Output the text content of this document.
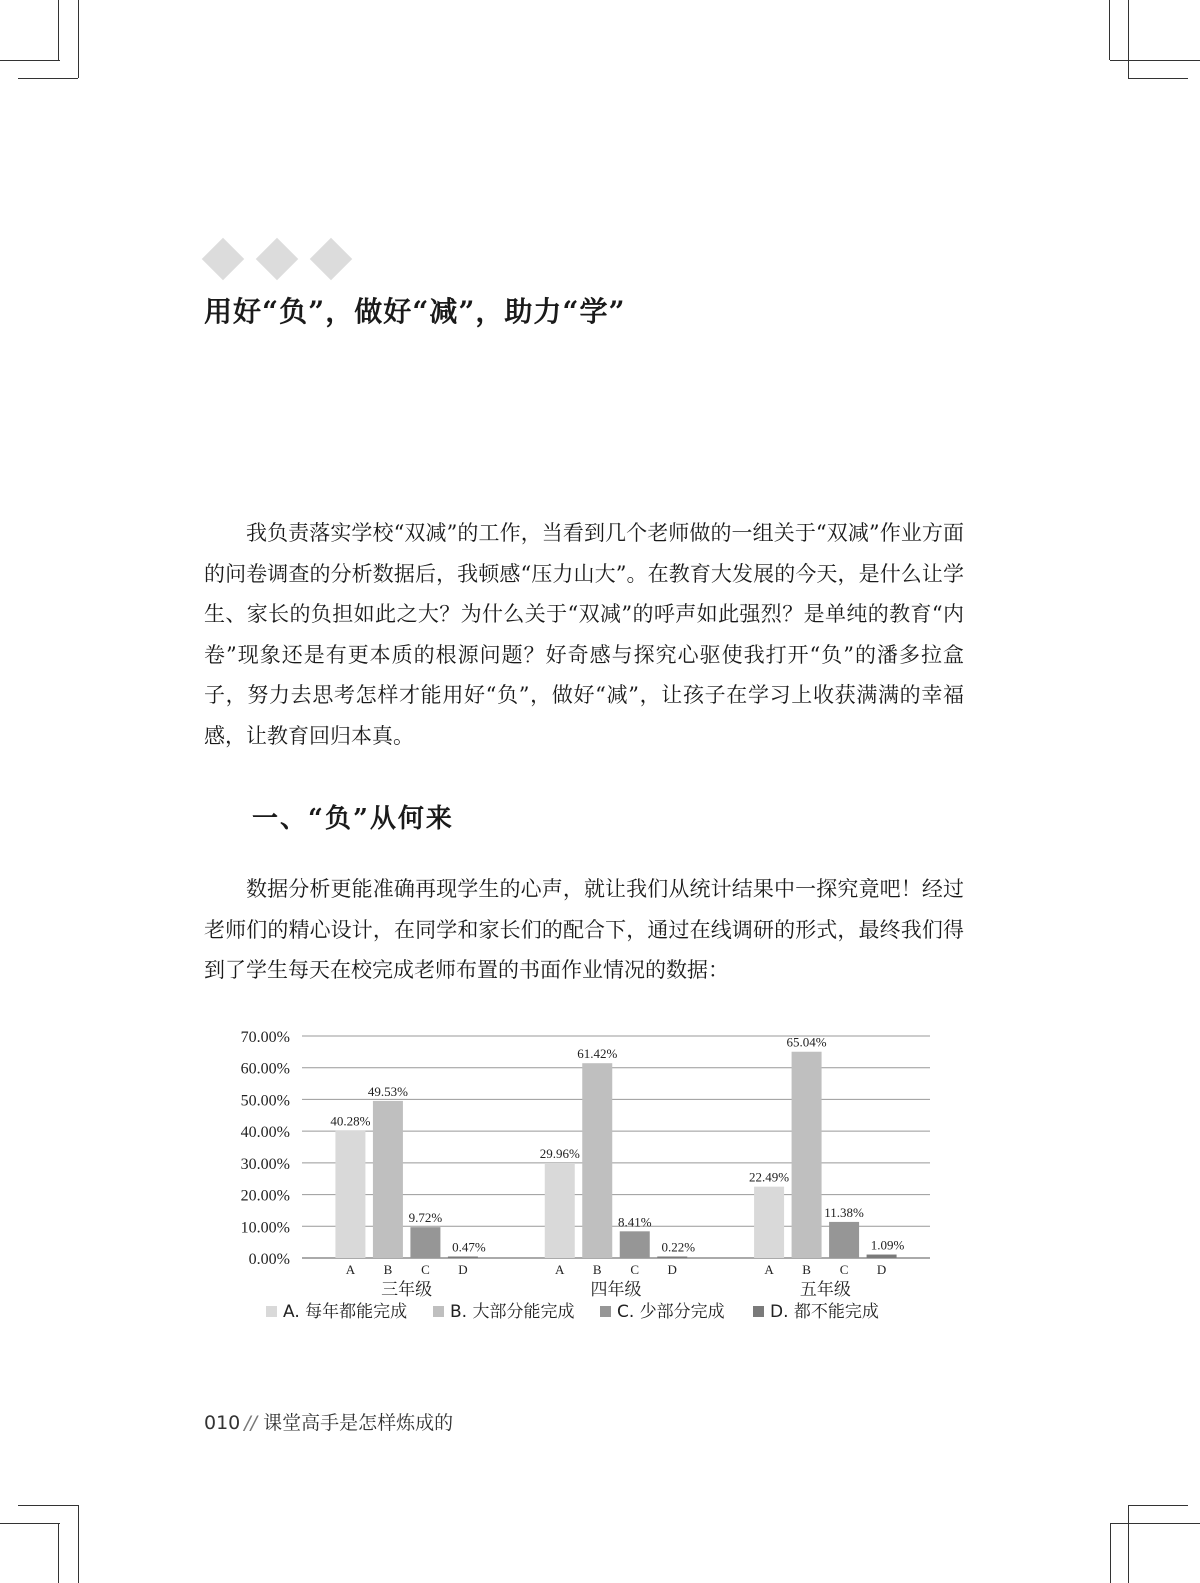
用好“负”，做好“减”，助力“学”

我负责落实学校“双减”的工作，当看到几个老师做的一组关于“双减”作业方面的问卷调查的分析数据后，我顿感“压力山大”。在教育大发展的今天，是什么让学生、家长的负担如此之大？为什么关于“双减”的呼声如此强烈？是单纯的教育“内卷”现象还是有更本质的根源问题？好奇感与探究心驱使我打开“负”的潘多拉盒子，努力去思考怎样才能用好“负”，做好“减”，让孩子在学习上收获满满的幸福感，让教育回归本真。

一、“负”从何来

数据分析更能准确再现学生的心声，就让我们从统计结果中一探究竟吧！经过老师们的精心设计，在同学和家长们的配合下，通过在线调研的形式，最终我们得到了学生每天在校完成老师布置的书面作业情况的数据：

70.00%
60.00%
50.00%
40.00%
30.00%
20.00%
10.00%
0.00%
40.28%
A
49.53%
B
9.72%
C
0.47%
D
三年级
29.96%
A
61.42%
B
8.41%
C
0.22%
D
四年级
22.49%
A
65.04%
B
11.38%
C
1.09%
D
五年级
A. 每年都能完成	B. 大部分能完成	C. 少部分完成	D. 都不能完成

010 // 课堂高手是怎样炼成的
